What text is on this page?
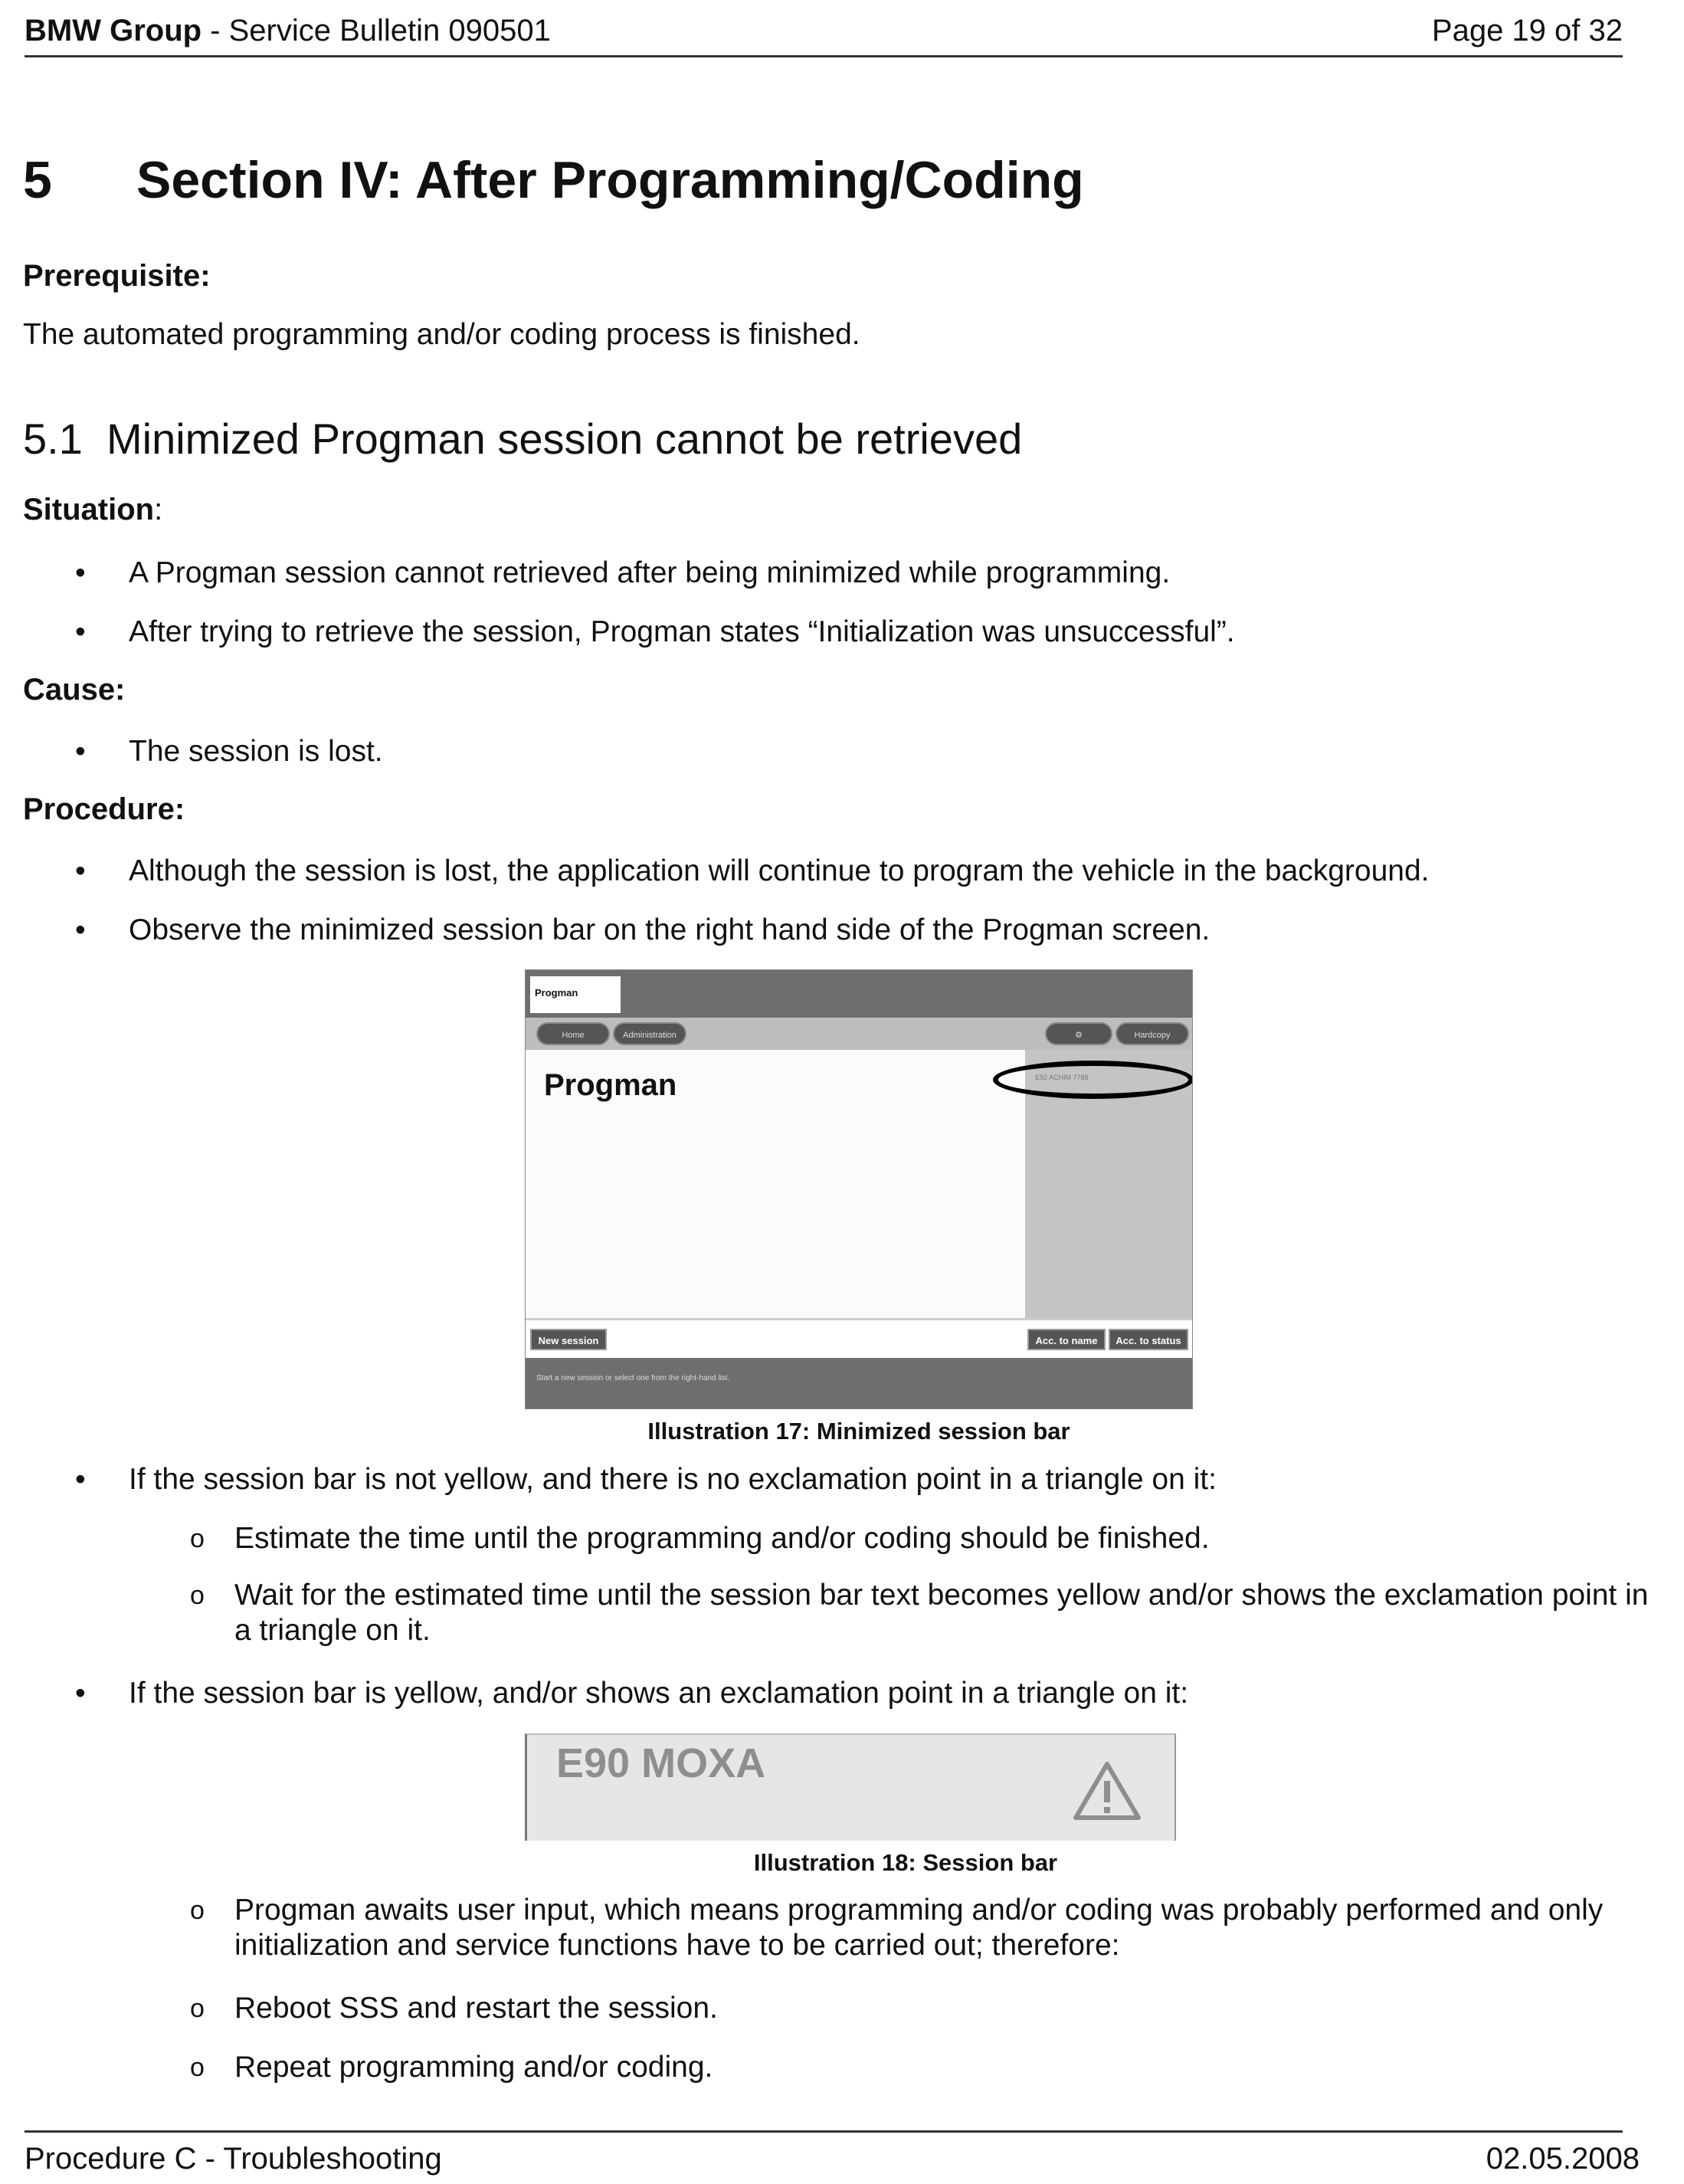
BMW Group - Service Bulletin 090501	Page 19 of 32
5 Section IV: After Programming/Coding
Prerequisite:
The automated programming and/or coding process is finished.
5.1 Minimized Progman session cannot be retrieved
Situation:
• A Progman session cannot retrieved after being minimized while programming.
• After trying to retrieve the session, Progman states “Initialization was unsuccessful”.
Cause:
• The session is lost.
Procedure:
• Although the session is lost, the application will continue to program the vehicle in the background.
• Observe the minimized session bar on the right hand side of the Progman screen.
Progman
Home	Administration	⚙	Hardcopy
Progman	E92 ACHIM 7788
New session	Acc. to name	Acc. to status
Start a new session or select one from the right-hand list.
Illustration 17: Minimized session bar
• If the session bar is not yellow, and there is no exclamation point in a triangle on it:
o Estimate the time until the programming and/or coding should be finished.
o Wait for the estimated time until the session bar text becomes yellow and/or shows the exclamation point in a triangle on it.
• If the session bar is yellow, and/or shows an exclamation point in a triangle on it:
E90 MOXA
Illustration 18: Session bar
o Progman awaits user input, which means programming and/or coding was probably performed and only initialization and service functions have to be carried out; therefore:
o Reboot SSS and restart the session.
o Repeat programming and/or coding.
Procedure C - Troubleshooting	02.05.2008
